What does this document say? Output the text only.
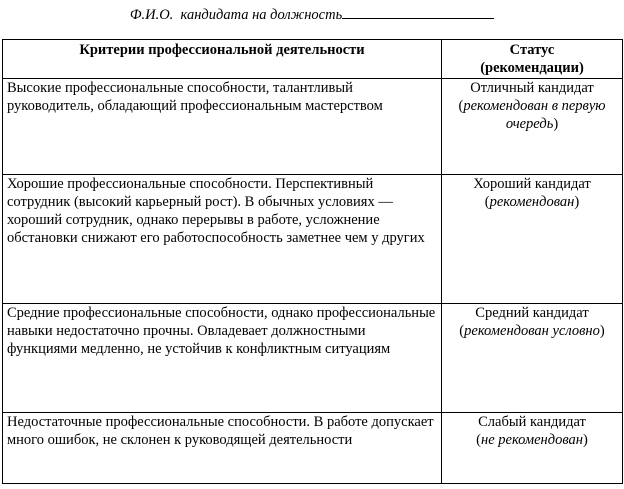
Ф.И.О.  кандидата на должность
Критерии профессиональной деятельности	Статус
(рекомендации)
Высокие профессиональные способности, талантливый руководитель, обладающий профессиональным мастерством	Отличный кандидат
(рекомендован в первую очередь)
Хорошие профессиональные способности. Перспективный сотрудник (высокий карьерный рост). В обычных условиях — хороший сотрудник, однако перерывы в работе, усложнение обстановки снижают его работоспособность заметнее чем у других	Хороший кандидат
(рекомендован)
Средние профессиональные способности, однако профессиональные навыки недостаточно прочны. Овладевает должностными функциями медленно, не устойчив к конфликтным ситуациям	Средний кандидат
(рекомендован условно)
Недостаточные профессиональные способности. В работе допускает много ошибок, не склонен к руководящей деятельности	Слабый кандидат
(не рекомендован)
